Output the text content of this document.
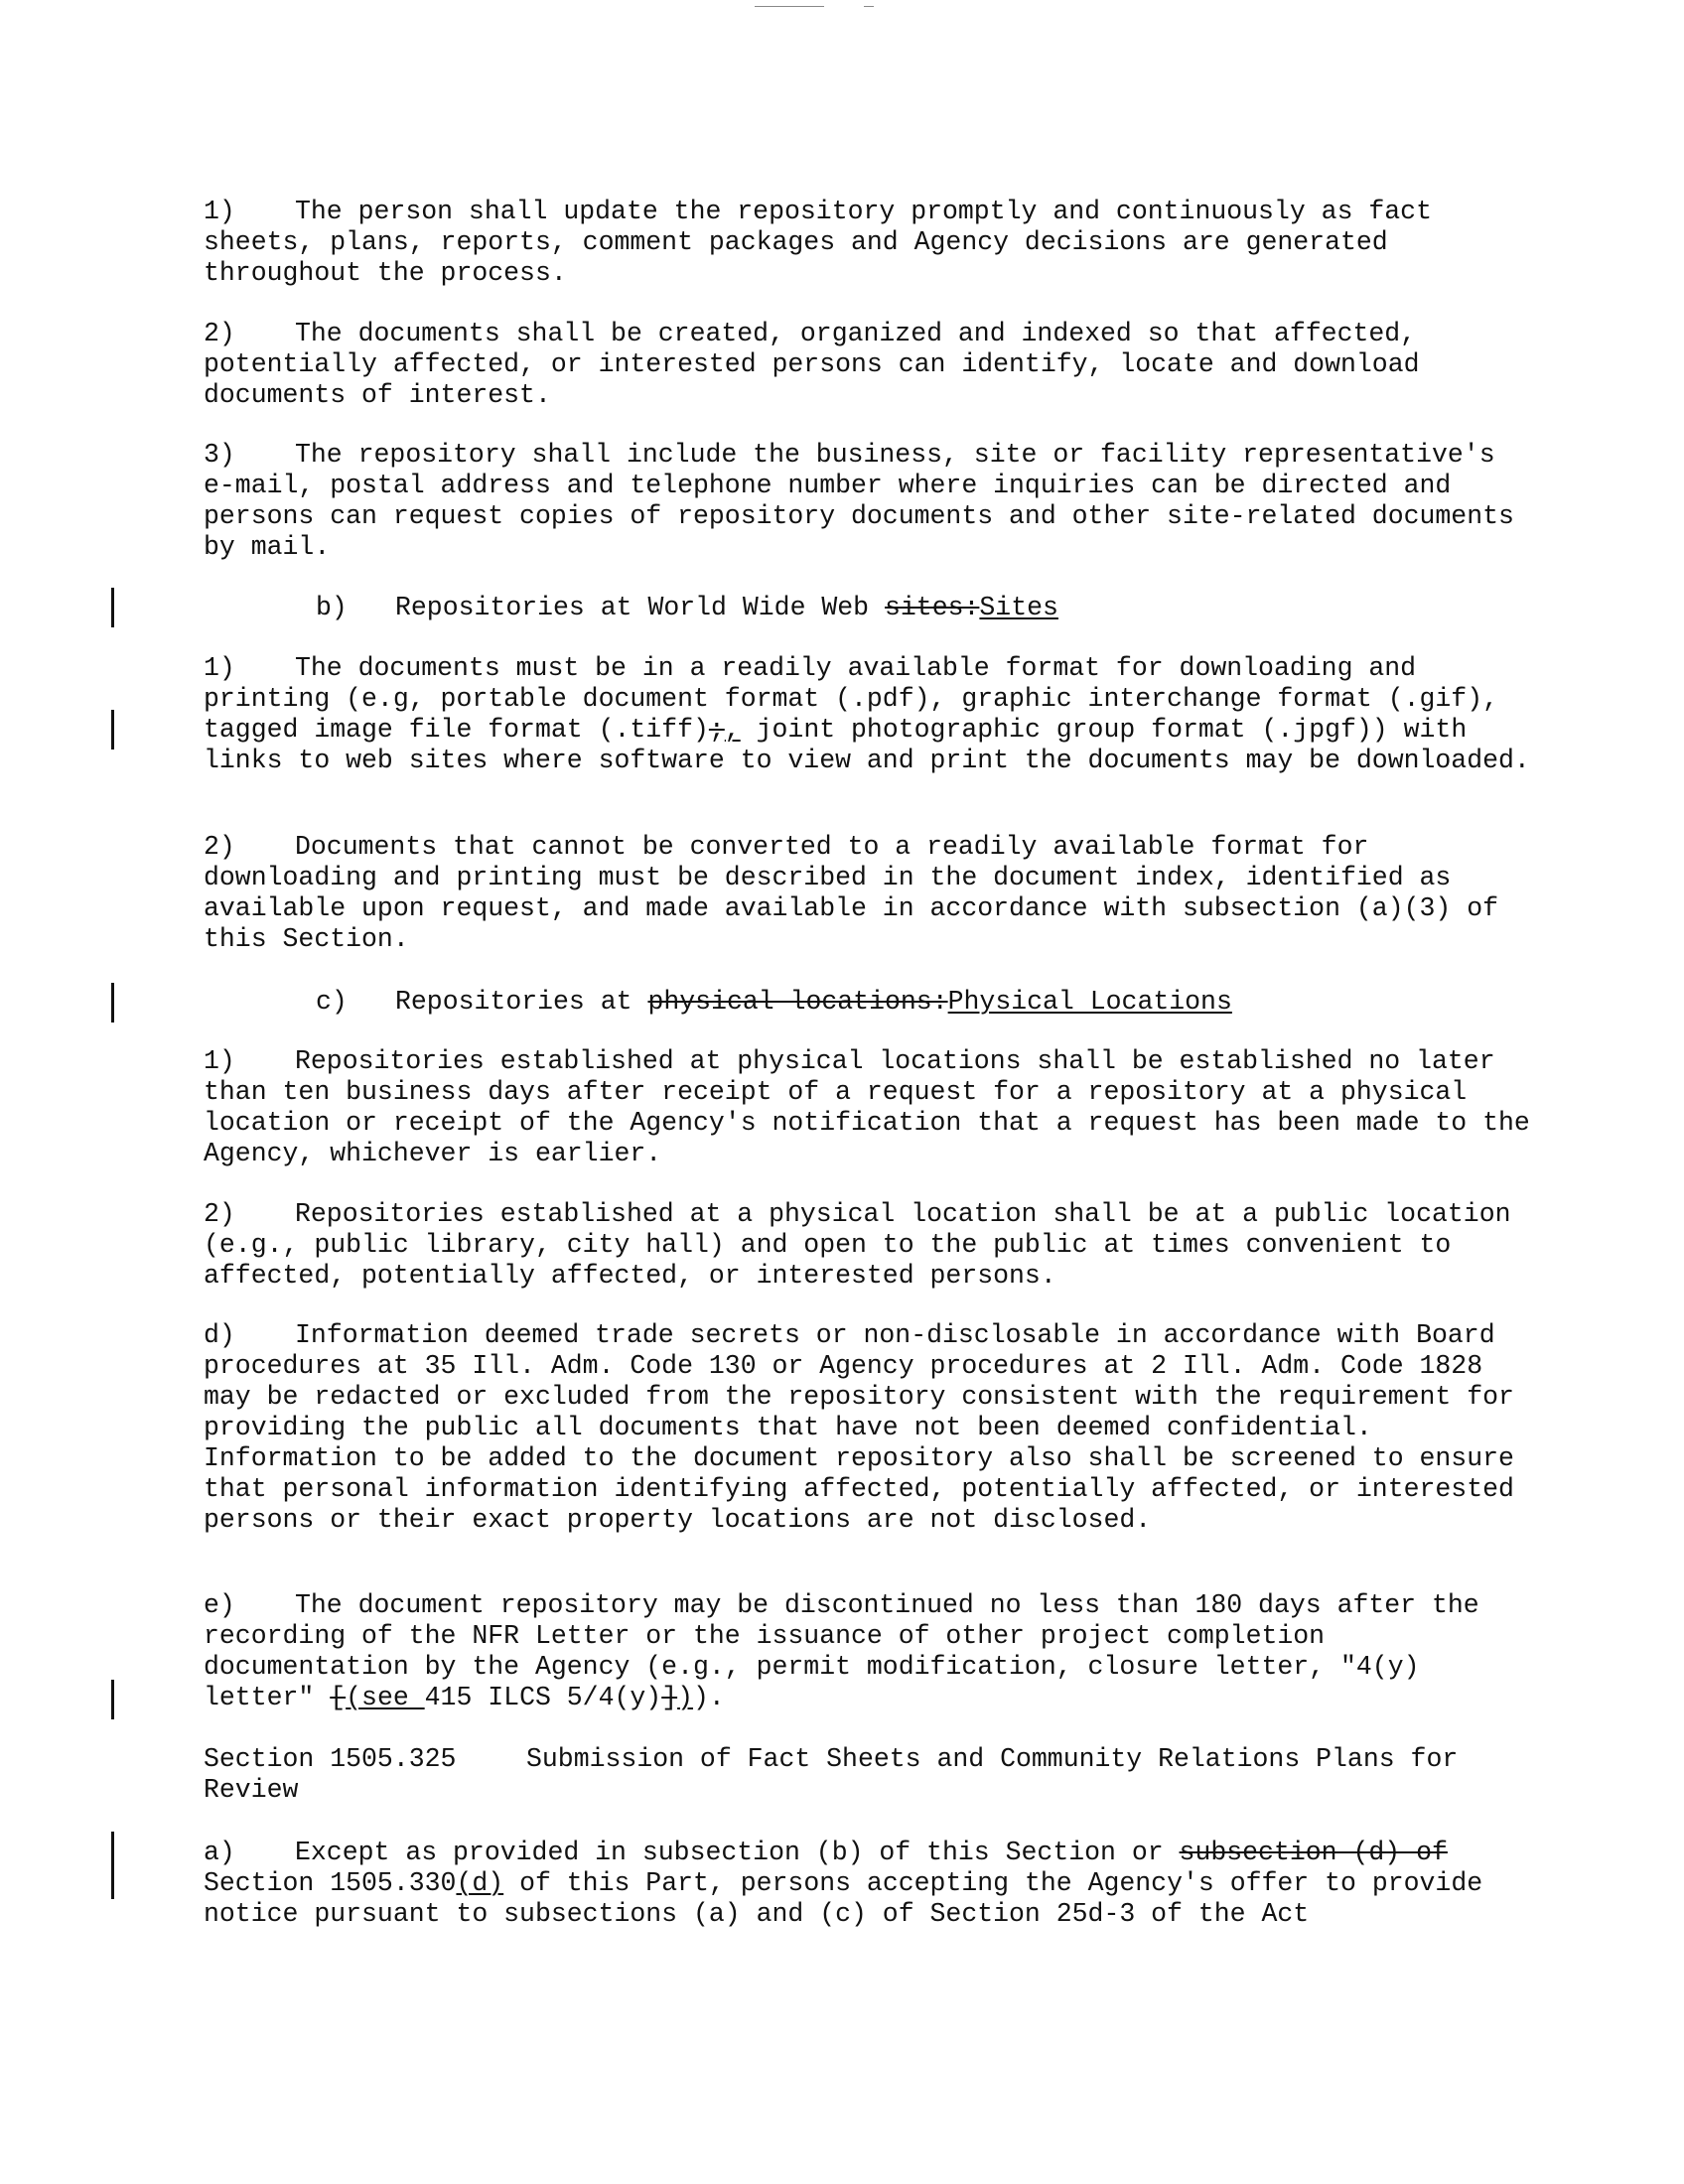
1) The person shall update the repository promptly and continuously as fact sheets, plans, reports, comment packages and Agency decisions are generated throughout the process.

2) The documents shall be created, organized and indexed so that affected, potentially affected, or interested persons can identify, locate and download documents of interest.

3) The repository shall include the business, site or facility representative's e-mail, postal address and telephone number where inquiries can be directed and persons can request copies of repository documents and other site-related documents by mail.

b) Repositories at World Wide Web sites:Sites

1) The documents must be in a readily available format for downloading and printing (e.g, portable document format (.pdf), graphic interchange format (.gif), tagged image file format (.tiff);, joint photographic group format (.jpgf)) with links to web sites where software to view and print the documents may be downloaded.

2) Documents that cannot be converted to a readily available format for downloading and printing must be described in the document index, identified as available upon request, and made available in accordance with subsection (a)(3) of this Section.

c) Repositories at physical locations:Physical Locations

1) Repositories established at physical locations shall be established no later than ten business days after receipt of a request for a repository at a physical location or receipt of the Agency's notification that a request has been made to the Agency, whichever is earlier.

2) Repositories established at a physical location shall be at a public location (e.g., public library, city hall) and open to the public at times convenient to affected, potentially affected, or interested persons.

d) Information deemed trade secrets or non-disclosable in accordance with Board procedures at 35 Ill. Adm. Code 130 or Agency procedures at 2 Ill. Adm. Code 1828 may be redacted or excluded from the repository consistent with the requirement for providing the public all documents that have not been deemed confidential. Information to be added to the document repository also shall be screened to ensure that personal information identifying affected, potentially affected, or interested persons or their exact property locations are not disclosed.

e) The document repository may be discontinued no less than 180 days after the recording of the NFR Letter or the issuance of other project completion documentation by the Agency (e.g., permit modification, closure letter, "4(y) letter" [(see 415 ILCS 5/4(y)])).

Section 1505.325	Submission of Fact Sheets and Community Relations Plans for Review

a) Except as provided in subsection (b) of this Section or subsection (d) of Section 1505.330(d) of this Part, persons accepting the Agency's offer to provide notice pursuant to subsections (a) and (c) of Section 25d-3 of the Act
